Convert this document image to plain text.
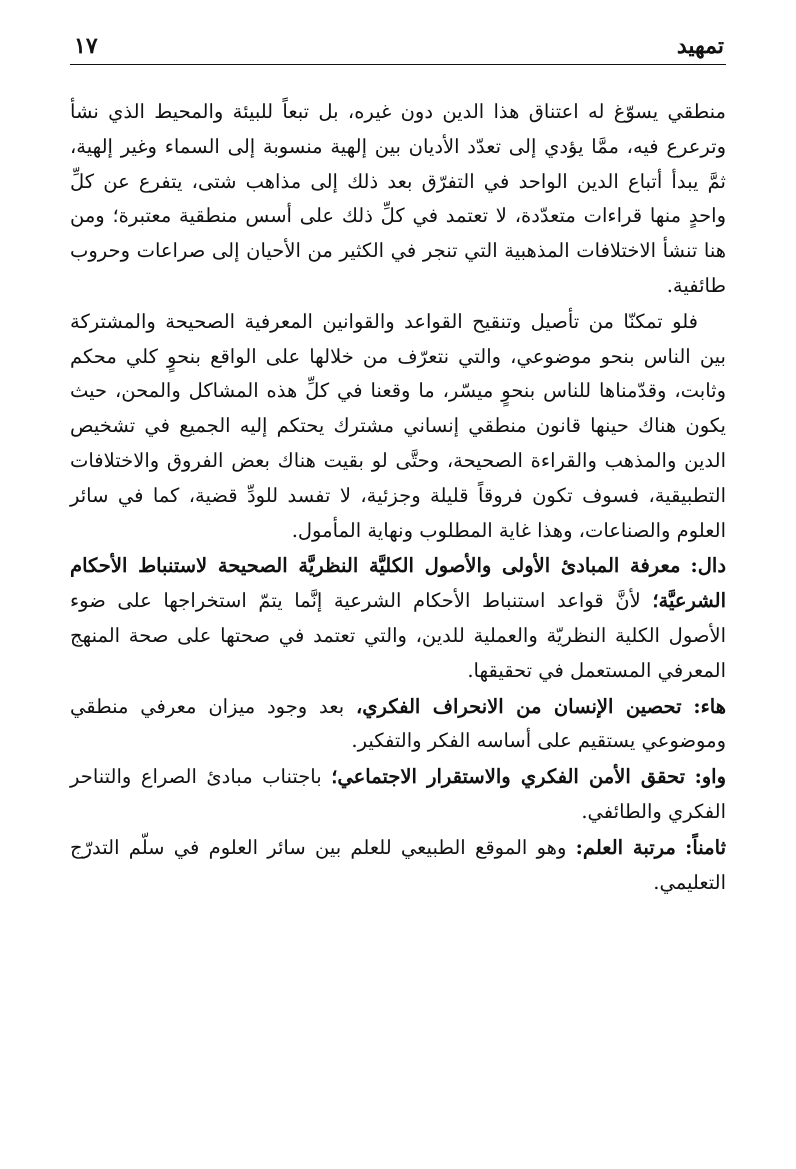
تمهيد
١٧

منطقي يسوّغ له اعتناق هذا الدين دون غيره، بل تبعاً للبيئة والمحيط الذي نشأ وترعرع فيه، ممَّا يؤدي إلى تعدّد الأديان بين إلهية منسوبة إلى السماء وغير إلهية، ثمَّ يبدأ أتباع الدين الواحد في التفرّق بعد ذلك إلى مذاهب شتى، يتفرع عن كلِّ واحدٍ منها قراءات متعدّدة، لا تعتمد في كلِّ ذلك على أسس منطقية معتبرة؛ ومن هنا تنشأ الاختلافات المذهبية التي تنجر في الكثير من الأحيان إلى صراعات وحروب طائفية.

فلو تمكنّا من تأصيل وتنقيح القواعد والقوانين المعرفية الصحيحة والمشتركة بين الناس بنحو موضوعي، والتي نتعرّف من خلالها على الواقع بنحوٍ كلي محكم وثابت، وقدّمناها للناس بنحوٍ ميسّر، ما وقعنا في كلِّ هذه المشاكل والمحن، حيث يكون هناك حينها قانون منطقي إنساني مشترك يحتكم إليه الجميع في تشخيص الدين والمذهب والقراءة الصحيحة، وحتَّى لو بقيت هناك بعض الفروق والاختلافات التطبيقية، فسوف تكون فروقاً قليلة وجزئية، لا تفسد للودِّ قضية، كما في سائر العلوم والصناعات، وهذا غاية المطلوب ونهاية المأمول.

دال: معرفة المبادئ الأولى والأصول الكليَّة النظريَّة الصحيحة لاستنباط الأحكام الشرعيَّة؛ لأنَّ قواعد استنباط الأحكام الشرعية إنَّما يتمّ استخراجها على ضوء الأصول الكلية النظريّة والعملية للدين، والتي تعتمد في صحتها على صحة المنهج المعرفي المستعمل في تحقيقها.

هاء: تحصين الإنسان من الانحراف الفكري، بعد وجود ميزان معرفي منطقي وموضوعي يستقيم على أساسه الفكر والتفكير.

واو: تحقق الأمن الفكري والاستقرار الاجتماعي؛ باجتناب مبادئ الصراع والتناحر الفكري والطائفي.

ثامناً: مرتبة العلم: وهو الموقع الطبيعي للعلم بين سائر العلوم في سلّم التدرّج التعليمي.
